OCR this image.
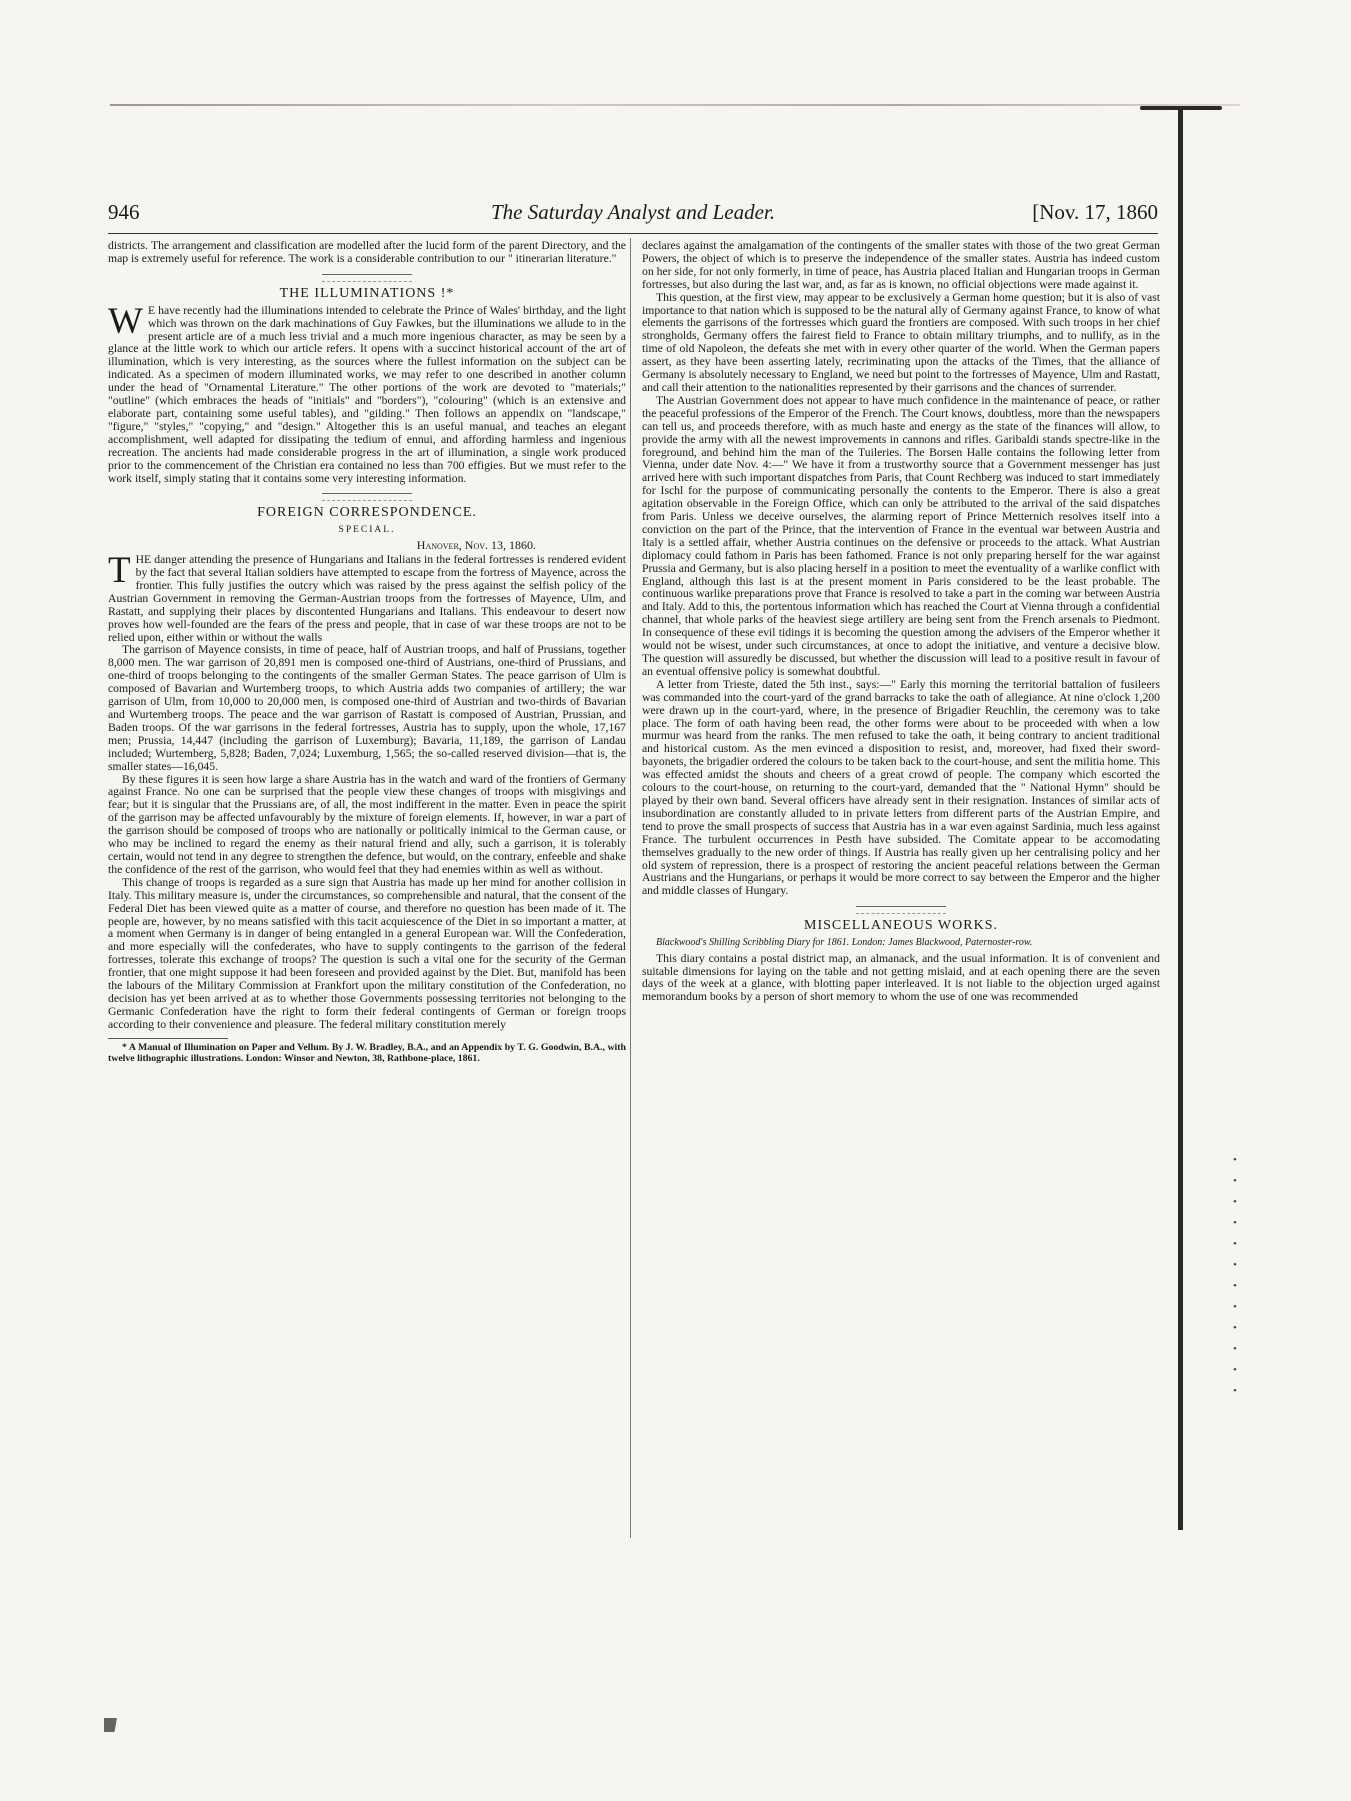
•
•
•
•
•
•
•
•
•
•
•
•
946	The Saturday Analyst and Leader.	[Nov. 17, 1860

districts. The arrangement and classification are modelled after the lucid form of the parent Directory, and the map is extremely useful for reference. The work is a considerable contribution to our " itinerarian literature."

THE ILLUMINATIONS !*

W E have recently had the illuminations intended to celebrate the Prince of Wales' birthday, and the light which was thrown on the dark machinations of Guy Fawkes, but the illuminations we allude to in the present article are of a much less trivial and a much more ingenious character, as may be seen by a glance at the little work to which our article refers. It opens with a succinct historical account of the art of illumination, which is very interesting, as the sources where the fullest information on the subject can be indicated. As a specimen of modern illuminated works, we may refer to one described in another column under the head of "Ornamental Literature." The other portions of the work are devoted to "materials;" "outline" (which embraces the heads of "initials" and "borders"), "colouring" (which is an extensive and elaborate part, containing some useful tables), and "gilding." Then follows an appendix on "landscape," "figure," "styles," "copying," and "design." Altogether this is an useful manual, and teaches an elegant accomplishment, well adapted for dissipating the tedium of ennui, and affording harmless and ingenious recreation. The ancients had made considerable progress in the art of illumination, a single work produced prior to the commencement of the Christian era contained no less than 700 effigies. But we must refer to the work itself, simply stating that it contains some very interesting information.

FOREIGN CORRESPONDENCE.
SPECIAL.
Hanover, Nov. 13, 1860.

THE danger attending the presence of Hungarians and Italians in the federal fortresses is rendered evident by the fact that several Italian soldiers have attempted to escape from the fortress of Mayence, across the frontier. This fully justifies the outcry which was raised by the press against the selfish policy of the Austrian Government in removing the German-Austrian troops from the fortresses of Mayence, Ulm, and Rastatt, and supplying their places by discontented Hungarians and Italians. This endeavour to desert now proves how well-founded are the fears of the press and people, that in case of war these troops are not to be relied upon, either within or without the walls

The garrison of Mayence consists, in time of peace, half of Austrian troops, and half of Prussians, together 8,000 men. The war garrison of 20,891 men is composed one-third of Austrians, one-third of Prussians, and one-third of troops belonging to the contingents of the smaller German States. The peace garrison of Ulm is composed of Bavarian and Wurtemberg troops, to which Austria adds two companies of artillery; the war garrison of Ulm, from 10,000 to 20,000 men, is composed one-third of Austrian and two-thirds of Bavarian and Wurtemberg troops. The peace and the war garrison of Rastatt is composed of Austrian, Prussian, and Baden troops. Of the war garrisons in the federal fortresses, Austria has to supply, upon the whole, 17,167 men; Prussia, 14,447 (including the garrison of Luxemburg); Bavaria, 11,189, the garrison of Landau included; Wurtemberg, 5,828; Baden, 7,024; Luxemburg, 1,565; the so-called reserved division—that is, the smaller states—16,045.

By these figures it is seen how large a share Austria has in the watch and ward of the frontiers of Germany against France. No one can be surprised that the people view these changes of troops with misgivings and fear; but it is singular that the Prussians are, of all, the most indifferent in the matter. Even in peace the spirit of the garrison may be affected unfavourably by the mixture of foreign elements. If, however, in war a part of the garrison should be composed of troops who are nationally or politically inimical to the German cause, or who may be inclined to regard the enemy as their natural friend and ally, such a garrison, it is tolerably certain, would not tend in any degree to strengthen the defence, but would, on the contrary, enfeeble and shake the confidence of the rest of the garrison, who would feel that they had enemies within as well as without.

This change of troops is regarded as a sure sign that Austria has made up her mind for another collision in Italy. This military measure is, under the circumstances, so comprehensible and natural, that the consent of the Federal Diet has been viewed quite as a matter of course, and therefore no question has been made of it. The people are, however, by no means satisfied with this tacit acquiescence of the Diet in so important a matter, at a moment when Germany is in danger of being entangled in a general European war. Will the Confederation, and more especially will the confederates, who have to supply contingents to the garrison of the federal fortresses, tolerate this exchange of troops? The question is such a vital one for the security of the German frontier, that one might suppose it had been foreseen and provided against by the Diet. But, manifold has been the labours of the Military Commission at Frankfort upon the military constitution of the Confederation, no decision has yet been arrived at as to whether those Governments possessing territories not belonging to the Germanic Confederation have the right to form their federal contingents of German or foreign troops according to their convenience and pleasure. The federal military constitution merely

* A Manual of Illumination on Paper and Vellum. By J. W. Bradley, B.A., and an Appendix by T. G. Goodwin, B.A., with twelve lithographic illustrations. London: Winsor and Newton, 38, Rathbone-place, 1861.

declares against the amalgamation of the contingents of the smaller states with those of the two great German Powers, the object of which is to preserve the independence of the smaller states. Austria has indeed custom on her side, for not only formerly, in time of peace, has Austria placed Italian and Hungarian troops in German fortresses, but also during the last war, and, as far as is known, no official objections were made against it.

This question, at the first view, may appear to be exclusively a German home question; but it is also of vast importance to that nation which is supposed to be the natural ally of Germany against France, to know of what elements the garrisons of the fortresses which guard the frontiers are composed. With such troops in her chief strongholds, Germany offers the fairest field to France to obtain military triumphs, and to nullify, as in the time of old Napoleon, the defeats she met with in every other quarter of the world. When the German papers assert, as they have been asserting lately, recriminating upon the attacks of the Times, that the alliance of Germany is absolutely necessary to England, we need but point to the fortresses of Mayence, Ulm and Rastatt, and call their attention to the nationalities represented by their garrisons and the chances of surrender.

The Austrian Government does not appear to have much confidence in the maintenance of peace, or rather the peaceful professions of the Emperor of the French. The Court knows, doubtless, more than the newspapers can tell us, and proceeds therefore, with as much haste and energy as the state of the finances will allow, to provide the army with all the newest improvements in cannons and rifles. Garibaldi stands spectre-like in the foreground, and behind him the man of the Tuileries. The Borsen Halle contains the following letter from Vienna, under date Nov. 4:—" We have it from a trustworthy source that a Government messenger has just arrived here with such important dispatches from Paris, that Count Rechberg was induced to start immediately for Ischl for the purpose of communicating personally the contents to the Emperor. There is also a great agitation observable in the Foreign Office, which can only be attributed to the arrival of the said dispatches from Paris. Unless we deceive ourselves, the alarming report of Prince Metternich resolves itself into a conviction on the part of the Prince, that the intervention of France in the eventual war between Austria and Italy is a settled affair, whether Austria continues on the defensive or proceeds to the attack. What Austrian diplomacy could fathom in Paris has been fathomed. France is not only preparing herself for the war against Prussia and Germany, but is also placing herself in a position to meet the eventuality of a warlike conflict with England, although this last is at the present moment in Paris considered to be the least probable. The continuous warlike preparations prove that France is resolved to take a part in the coming war between Austria and Italy. Add to this, the portentous information which has reached the Court at Vienna through a confidential channel, that whole parks of the heaviest siege artillery are being sent from the French arsenals to Piedmont. In consequence of these evil tidings it is becoming the question among the advisers of the Emperor whether it would not be wisest, under such circumstances, at once to adopt the initiative, and venture a decisive blow. The question will assuredly be discussed, but whether the discussion will lead to a positive result in favour of an eventual offensive policy is somewhat doubtful.

A letter from Trieste, dated the 5th inst., says:—" Early this morning the territorial battalion of fusileers was commanded into the court-yard of the grand barracks to take the oath of allegiance. At nine o'clock 1,200 were drawn up in the court-yard, where, in the presence of Brigadier Reuchlin, the ceremony was to take place. The form of oath having been read, the other forms were about to be proceeded with when a low murmur was heard from the ranks. The men refused to take the oath, it being contrary to ancient traditional and historical custom. As the men evinced a disposition to resist, and, moreover, had fixed their sword-bayonets, the brigadier ordered the colours to be taken back to the court-house, and sent the militia home. This was effected amidst the shouts and cheers of a great crowd of people. The company which escorted the colours to the court-house, on returning to the court-yard, demanded that the " National Hymn" should be played by their own band. Several officers have already sent in their resignation. Instances of similar acts of insubordination are constantly alluded to in private letters from different parts of the Austrian Empire, and tend to prove the small prospects of success that Austria has in a war even against Sardinia, much less against France. The turbulent occurrences in Pesth have subsided. The Comitate appear to be accomodating themselves gradually to the new order of things. If Austria has really given up her centralising policy and her old system of repression, there is a prospect of restoring the ancient peaceful relations between the German Austrians and the Hungarians, or perhaps it would be more correct to say between the Emperor and the higher and middle classes of Hungary.

MISCELLANEOUS WORKS.

Blackwood's Shilling Scribbling Diary for 1861. London: James Blackwood, Paternoster-row.

This diary contains a postal district map, an almanack, and the usual information. It is of convenient and suitable dimensions for laying on the table and not getting mislaid, and at each opening there are the seven days of the week at a glance, with blotting paper interleaved. It is not liable to the objection urged against memorandum books by a person of short memory to whom the use of one was recommended
